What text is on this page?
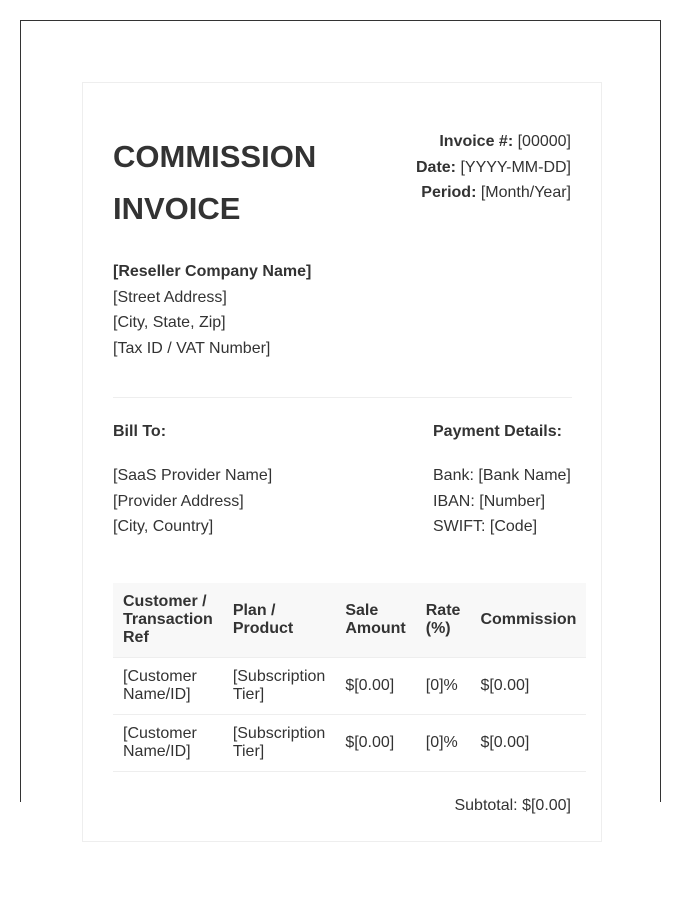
COMMISSION INVOICE
Invoice #: [00000]
Date: [YYYY-MM-DD]
Period: [Month/Year]
[Reseller Company Name]
[Street Address]
[City, State, Zip]
[Tax ID / VAT Number]
Bill To:
[SaaS Provider Name]
[Provider Address]
[City, Country]
Payment Details:
Bank: [Bank Name]
IBAN: [Number]
SWIFT: [Code]
Customer / Transaction Ref	Plan / Product	Sale Amount	Rate (%)	Commission
[Customer Name/ID]	[Subscription Tier]	$[0.00]	[0]%	$[0.00]
[Customer Name/ID]	[Subscription Tier]	$[0.00]	[0]%	$[0.00]
Subtotal: $[0.00]
